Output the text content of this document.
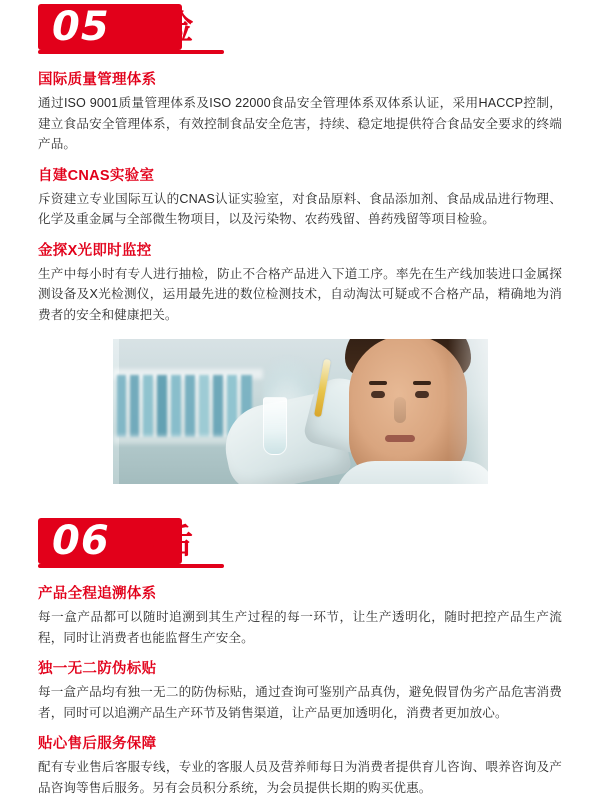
05 质检
国际质量管理体系

通过ISO 9001质量管理体系及ISO 22000食品安全管理体系双体系认证，采用HACCP控制，建立食品安全管理体系，有效控制食品安全危害，持续、稳定地提供符合食品安全要求的终端产品。

自建CNAS实验室

斥资建立专业国际互认的CNAS认证实验室，对食品原料、食品添加剂、食品成品进行物理、化学及重金属与全部微生物项目，以及污染物、农药残留、兽药残留等项目检验。

金探X光即时监控

生产中每小时有专人进行抽检，防止不合格产品进入下道工序。率先在生产线加装进口金属探测设备及X光检测仪，运用最先进的数位检测技术，自动淘汰可疑或不合格产品，精确地为消费者的安全和健康把关。

06 售后
产品全程追溯体系

每一盒产品都可以随时追溯到其生产过程的每一环节，让生产透明化，随时把控产品生产流程，同时让消费者也能监督生产安全。

独一无二防伪标贴

每一盒产品均有独一无二的防伪标贴，通过查询可鉴别产品真伪，避免假冒伪劣产品危害消费者，同时可以追溯产品生产环节及销售渠道，让产品更加透明化，消费者更加放心。

贴心售后服务保障

配有专业售后客服专线，专业的客服人员及营养师每日为消费者提供育儿咨询、喂养咨询及产品咨询等售后服务。另有会员积分系统，为会员提供长期的购买优惠。
